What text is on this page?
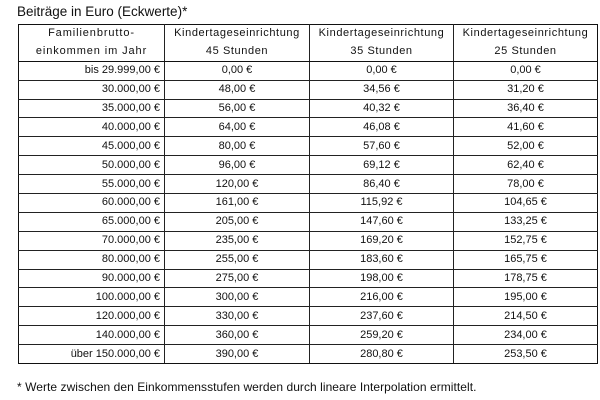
Beiträge in Euro (Eckwerte)*
Familienbrutto-	Kindertageseinrichtung	Kindertageseinrichtung	Kindertageseinrichtung
einkommen im Jahr	45 Stunden	35 Stunden	25 Stunden
bis 29.999,00 €	0,00 €	0,00 €	0,00 €
30.000,00 €	48,00 €	34,56 €	31,20 €
35.000,00 €	56,00 €	40,32 €	36,40 €
40.000,00 €	64,00 €	46,08 €	41,60 €
45.000,00 €	80,00 €	57,60 €	52,00 €
50.000,00 €	96,00 €	69,12 €	62,40 €
55.000,00 €	120,00 €	86,40 €	78,00 €
60.000,00 €	161,00 €	115,92 €	104,65 €
65.000,00 €	205,00 €	147,60 €	133,25 €
70.000,00 €	235,00 €	169,20 €	152,75 €
80.000,00 €	255,00 €	183,60 €	165,75 €
90.000,00 €	275,00 €	198,00 €	178,75 €
100.000,00 €	300,00 €	216,00 €	195,00 €
120.000,00 €	330,00 €	237,60 €	214,50 €
140.000,00 €	360,00 €	259,20 €	234,00 €
über 150.000,00 €	390,00 €	280,80 €	253,50 €
* Werte zwischen den Einkommensstufen werden durch lineare Interpolation ermittelt.
